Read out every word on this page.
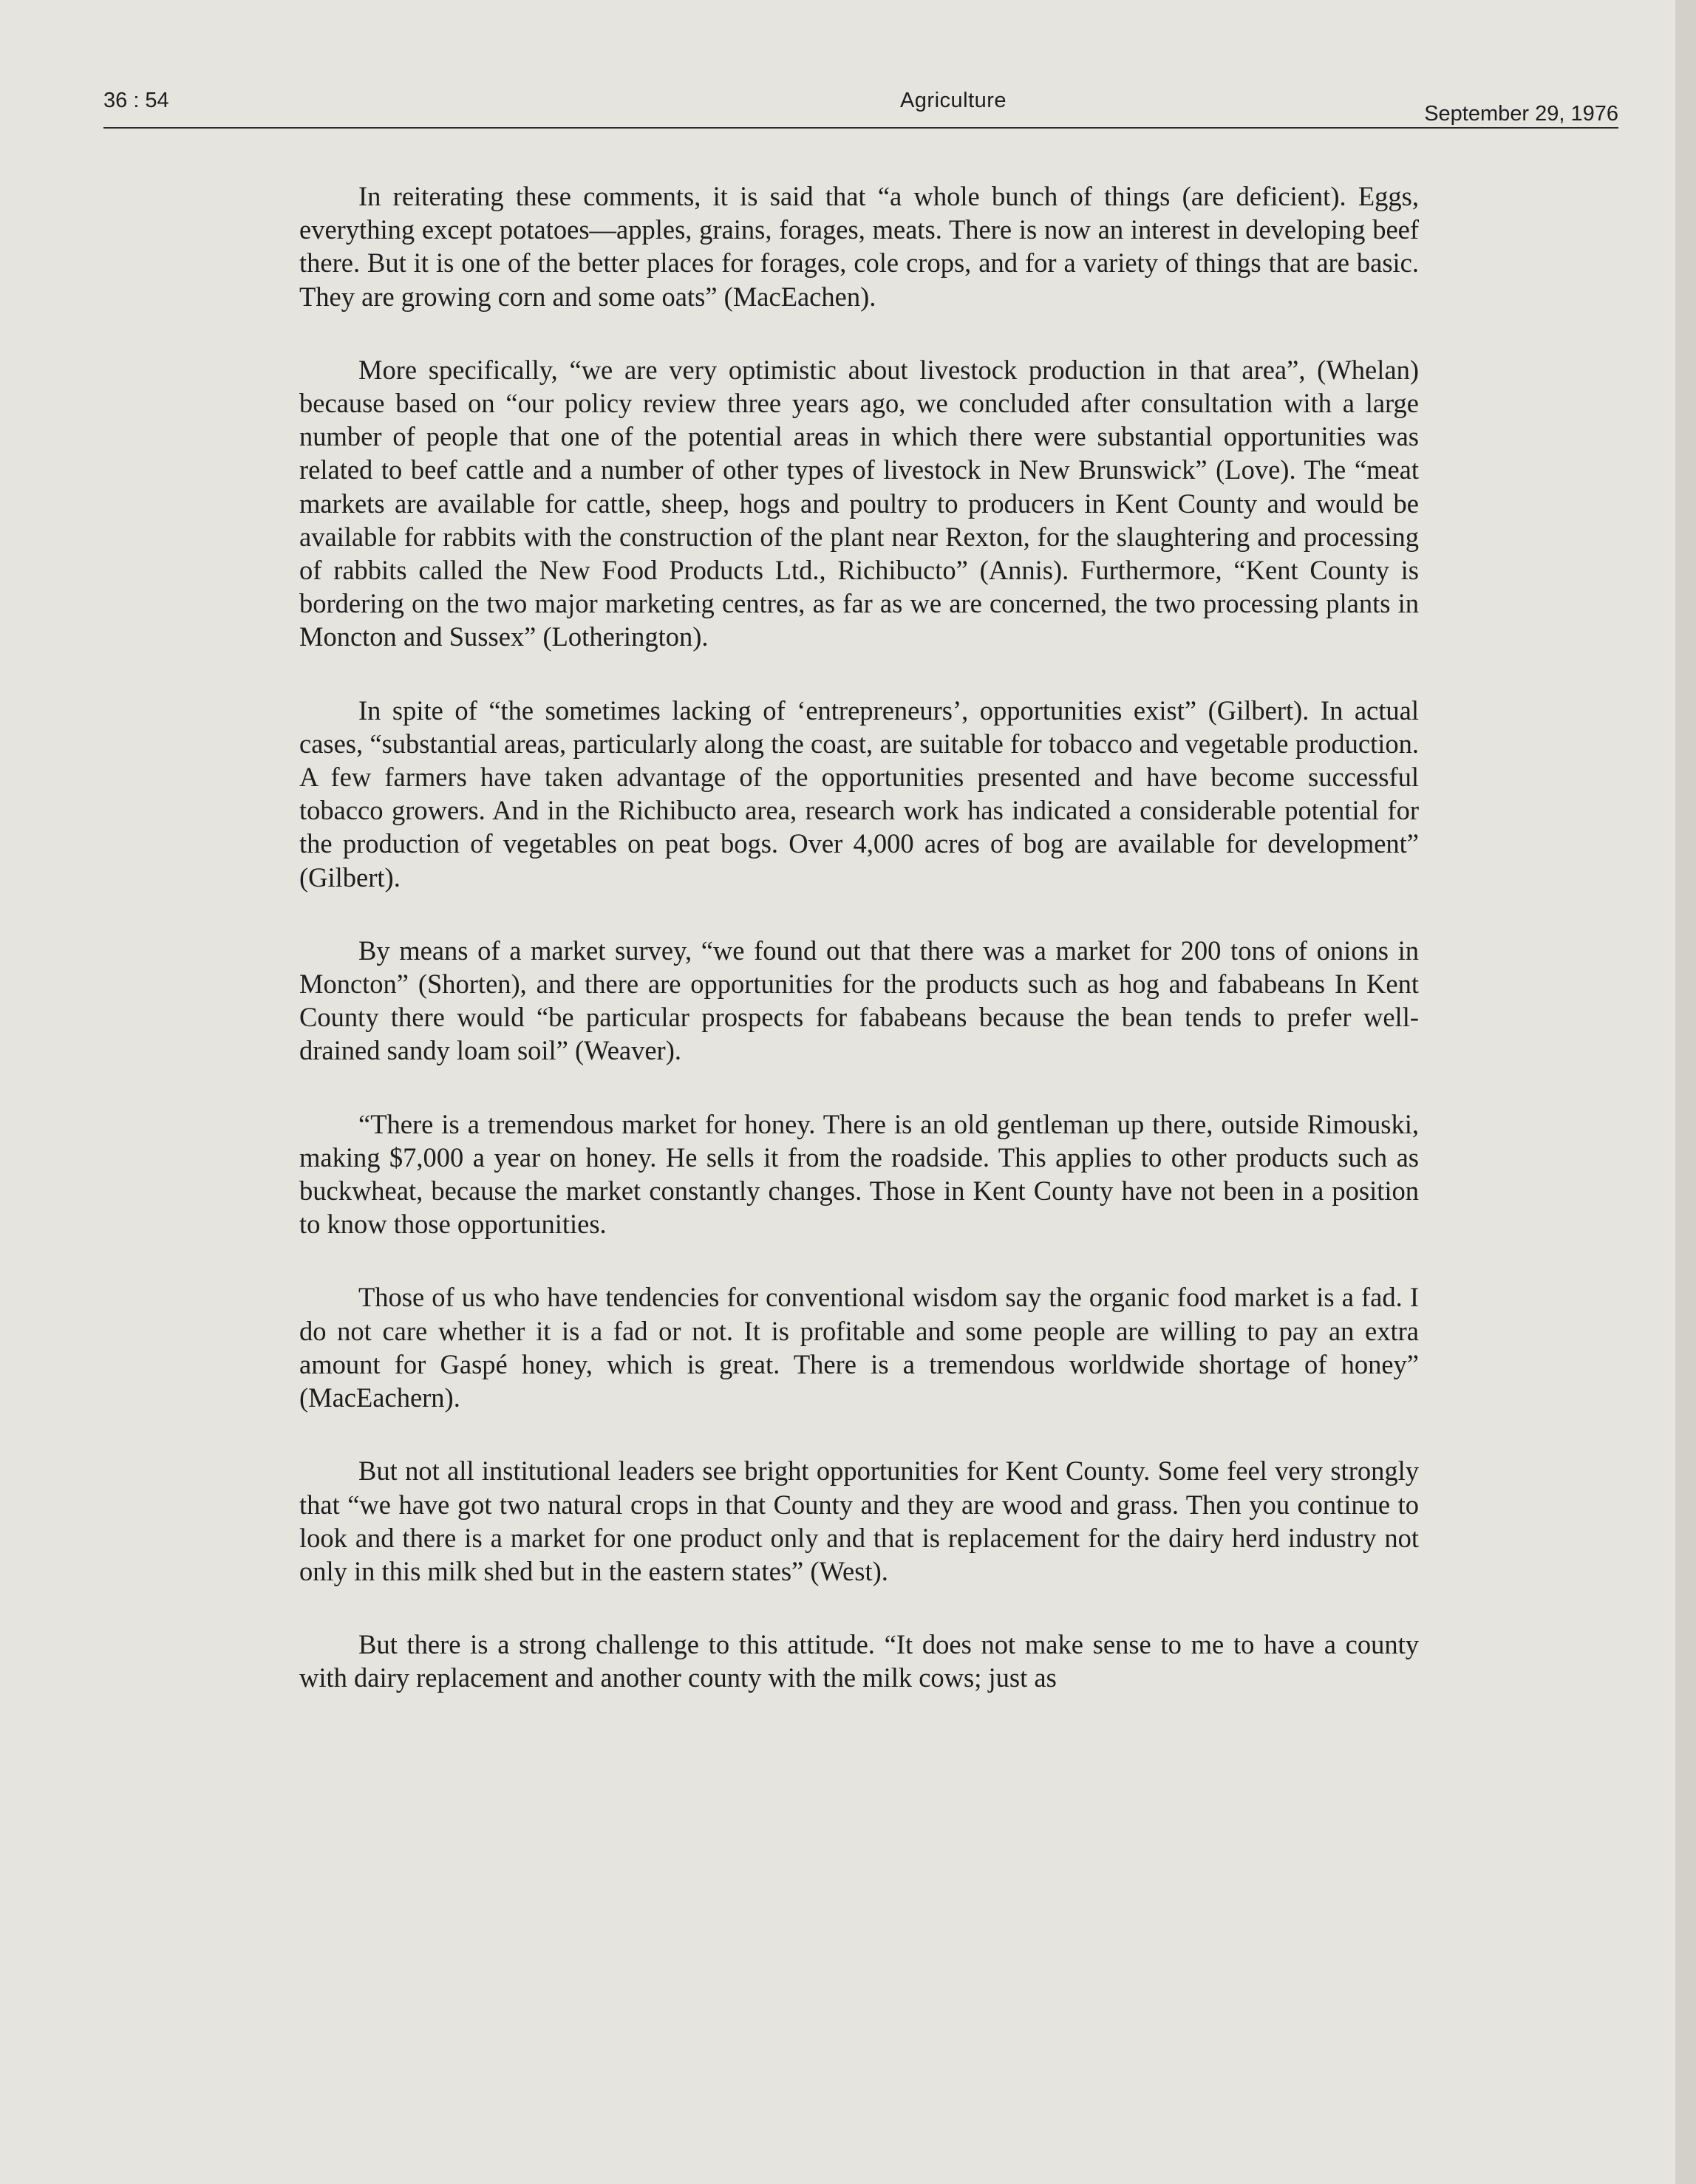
36 : 54	Agriculture
September 29, 1976

In reiterating these comments, it is said that “a whole bunch of things (are deficient). Eggs, everything except potatoes—apples, grains, forages, meats. There is now an interest in developing beef there. But it is one of the better places for forages, cole crops, and for a variety of things that are basic. They are growing corn and some oats” (MacEachen).

More specifically, “we are very optimistic about livestock production in that area”, (Whelan) because based on “our policy review three years ago, we concluded after consultation with a large number of people that one of the potential areas in which there were substantial opportunities was related to beef cattle and a number of other types of livestock in New Brunswick” (Love). The “meat markets are available for cattle, sheep, hogs and poultry to producers in Kent County and would be available for rabbits with the construction of the plant near Rexton, for the slaughtering and processing of rabbits called the New Food Products Ltd., Richibucto” (Annis). Furthermore, “Kent County is bordering on the two major marketing centres, as far as we are concerned, the two processing plants in Moncton and Sussex” (Lotherington).

In spite of “the sometimes lacking of ‘entrepreneurs’, opportunities exist” (Gilbert). In actual cases, “substantial areas, particularly along the coast, are suitable for tobacco and vegetable production. A few farmers have taken advantage of the opportunities presented and have become successful tobacco growers. And in the Richibucto area, research work has indicated a considerable potential for the production of vegetables on peat bogs. Over 4,000 acres of bog are available for development” (Gilbert).

By means of a market survey, “we found out that there was a market for 200 tons of onions in Moncton” (Shorten), and there are opportunities for the products such as hog and fababeans In Kent County there would “be particular prospects for fababeans because the bean tends to prefer well-drained sandy loam soil” (Weaver).

“There is a tremendous market for honey. There is an old gentleman up there, outside Rimouski, making $7,000 a year on honey. He sells it from the roadside. This applies to other products such as buckwheat, because the market constantly changes. Those in Kent County have not been in a position to know those opportunities.

Those of us who have tendencies for conventional wisdom say the organic food market is a fad. I do not care whether it is a fad or not. It is profitable and some people are willing to pay an extra amount for Gaspé honey, which is great. There is a tremendous worldwide shortage of honey” (MacEachern).

But not all institutional leaders see bright opportunities for Kent County. Some feel very strongly that “we have got two natural crops in that County and they are wood and grass. Then you continue to look and there is a market for one product only and that is replacement for the dairy herd industry not only in this milk shed but in the eastern states” (West).

But there is a strong challenge to this attitude. “It does not make sense to me to have a county with dairy replacement and another county with the milk cows; just as
